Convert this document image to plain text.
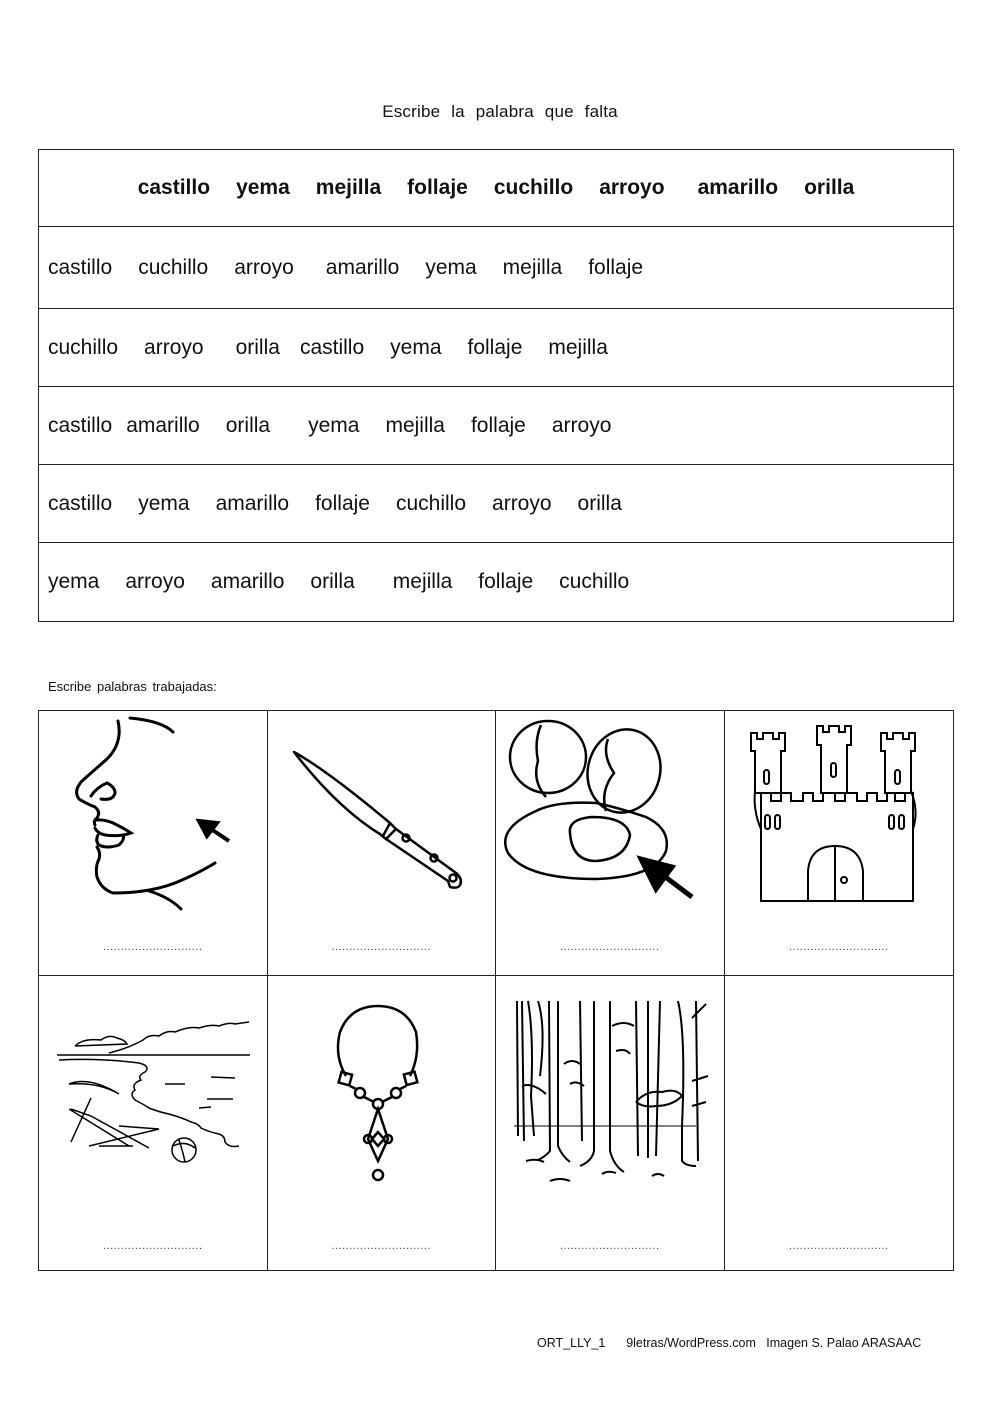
Escribe la palabra que falta
castillo yema mejilla follaje cuchillo arroyo amarillo orilla
castillo cuchillo arroyo amarillo yema mejilla follaje
cuchillo arroyo orilla castillo yema follaje mejilla
castillo amarillo orilla yema mejilla follaje arroyo
castillo yema amarillo follaje cuchillo arroyo orilla
yema arroyo amarillo orilla mejilla follaje cuchillo
Escribe palabras trabajadas:
............................	............................	............................	............................
............................	............................	............................	............................
ORT_LLY_1 9letras/WordPress.com Imagen S. Palao ARASAAC
